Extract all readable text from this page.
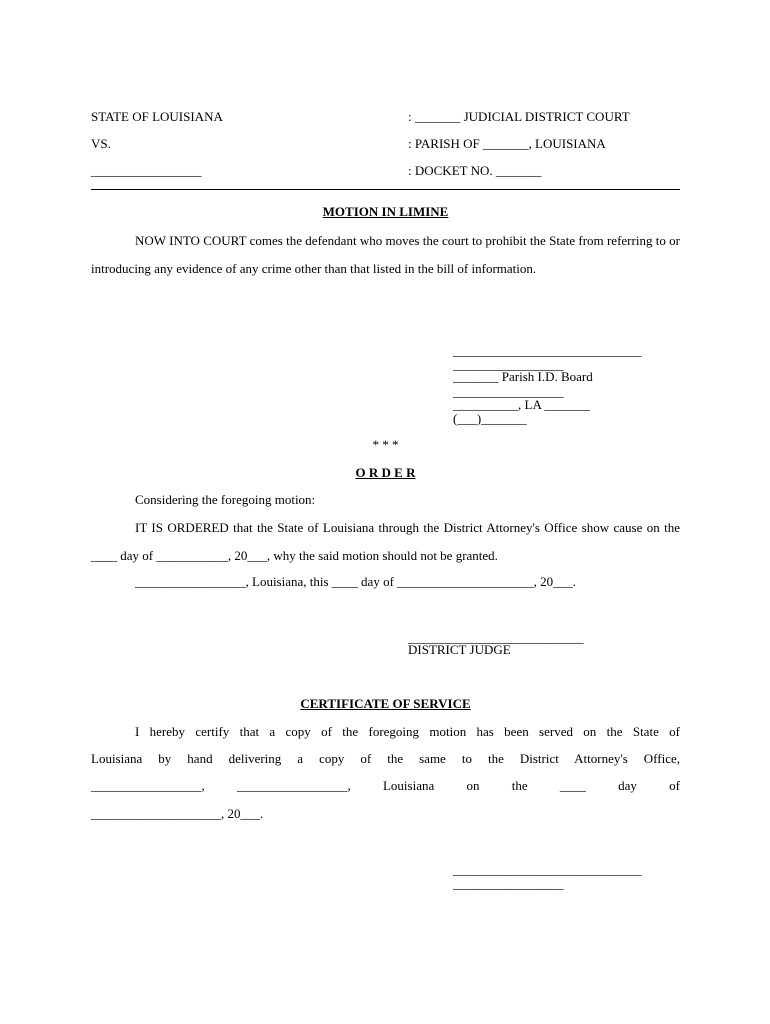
STATE OF LOUISIANA
VS.
_________________
: _______ JUDICIAL DISTRICT COURT
: PARISH OF _______, LOUISIANA
: DOCKET NO. _______
MOTION IN LIMINE
NOW INTO COURT comes the defendant who moves the court to prohibit the State from referring to or introducing any evidence of any crime other than that listed in the bill of information.
_____________________________
_________________
_______ Parish I.D. Board
_________________
__________, LA _______
(___)_______
* * *
O R D E R
Considering the foregoing motion:
IT IS ORDERED that the State of Louisiana through the District Attorney's Office show cause on the ____ day of ___________, 20___, why the said motion should not be granted.
_________________, Louisiana, this ____ day of _____________________, 20___.
___________________________
DISTRICT JUDGE
CERTIFICATE OF SERVICE
I hereby certify that a copy of the foregoing motion has been served on the State of
Louisiana by hand delivering a copy of the same to the District Attorney's Office,
_________________, _________________, Louisiana on the ____ day of
____________________, 20___.
_____________________________
_________________
